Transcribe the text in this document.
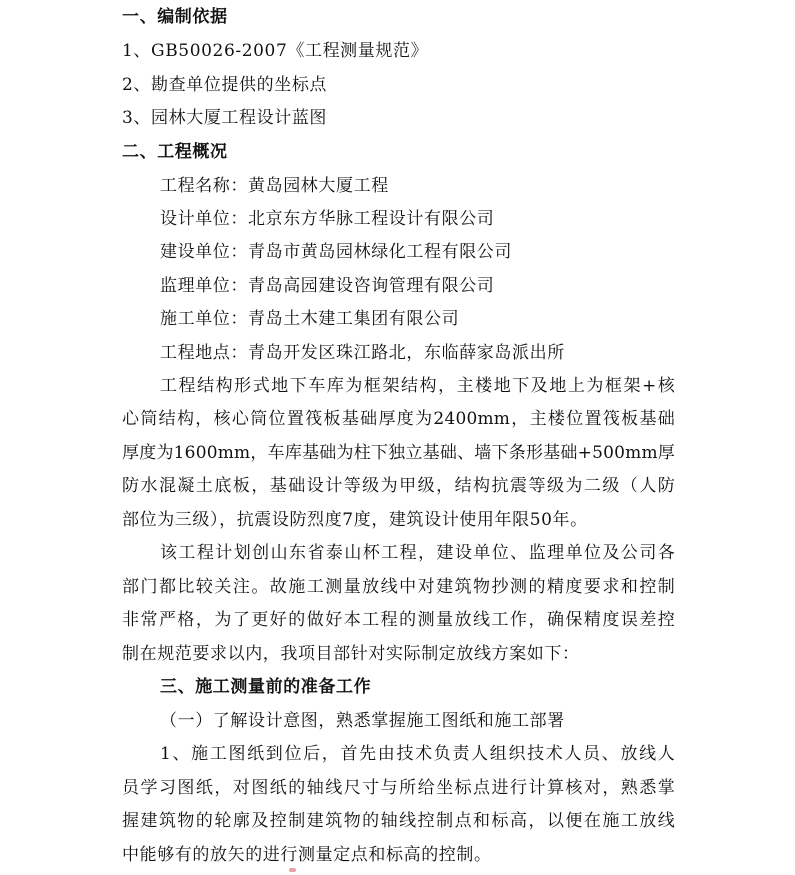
一、编制依据
1、GB50026-2007《工程测量规范》
2、勘查单位提供的坐标点
3、园林大厦工程设计蓝图
二、工程概况
工程名称：黄岛园林大厦工程
设计单位：北京东方华脉工程设计有限公司
建设单位：青岛市黄岛园林绿化工程有限公司
监理单位：青岛高园建设咨询管理有限公司
施工单位：青岛土木建工集团有限公司
工程地点：青岛开发区珠江路北，东临薛家岛派出所
工程结构形式地下车库为框架结构，主楼地下及地上为框架+核
心筒结构，核心筒位置筏板基础厚度为2400mm，主楼位置筏板基础
厚度为1600mm，车库基础为柱下独立基础、墙下条形基础+500mm厚
防水混凝土底板，基础设计等级为甲级，结构抗震等级为二级（人防
部位为三级），抗震设防烈度7度，建筑设计使用年限50年。
该工程计划创山东省泰山杯工程，建设单位、监理单位及公司各
部门都比较关注。故施工测量放线中对建筑物抄测的精度要求和控制
非常严格，为了更好的做好本工程的测量放线工作，确保精度误差控
制在规范要求以内，我项目部针对实际制定放线方案如下：
三、施工测量前的准备工作
（一）了解设计意图，熟悉掌握施工图纸和施工部署
1、施工图纸到位后，首先由技术负责人组织技术人员、放线人
员学习图纸，对图纸的轴线尺寸与所给坐标点进行计算核对，熟悉掌
握建筑物的轮廓及控制建筑物的轴线控制点和标高，以便在施工放线
中能够有的放矢的进行测量定点和标高的控制。
